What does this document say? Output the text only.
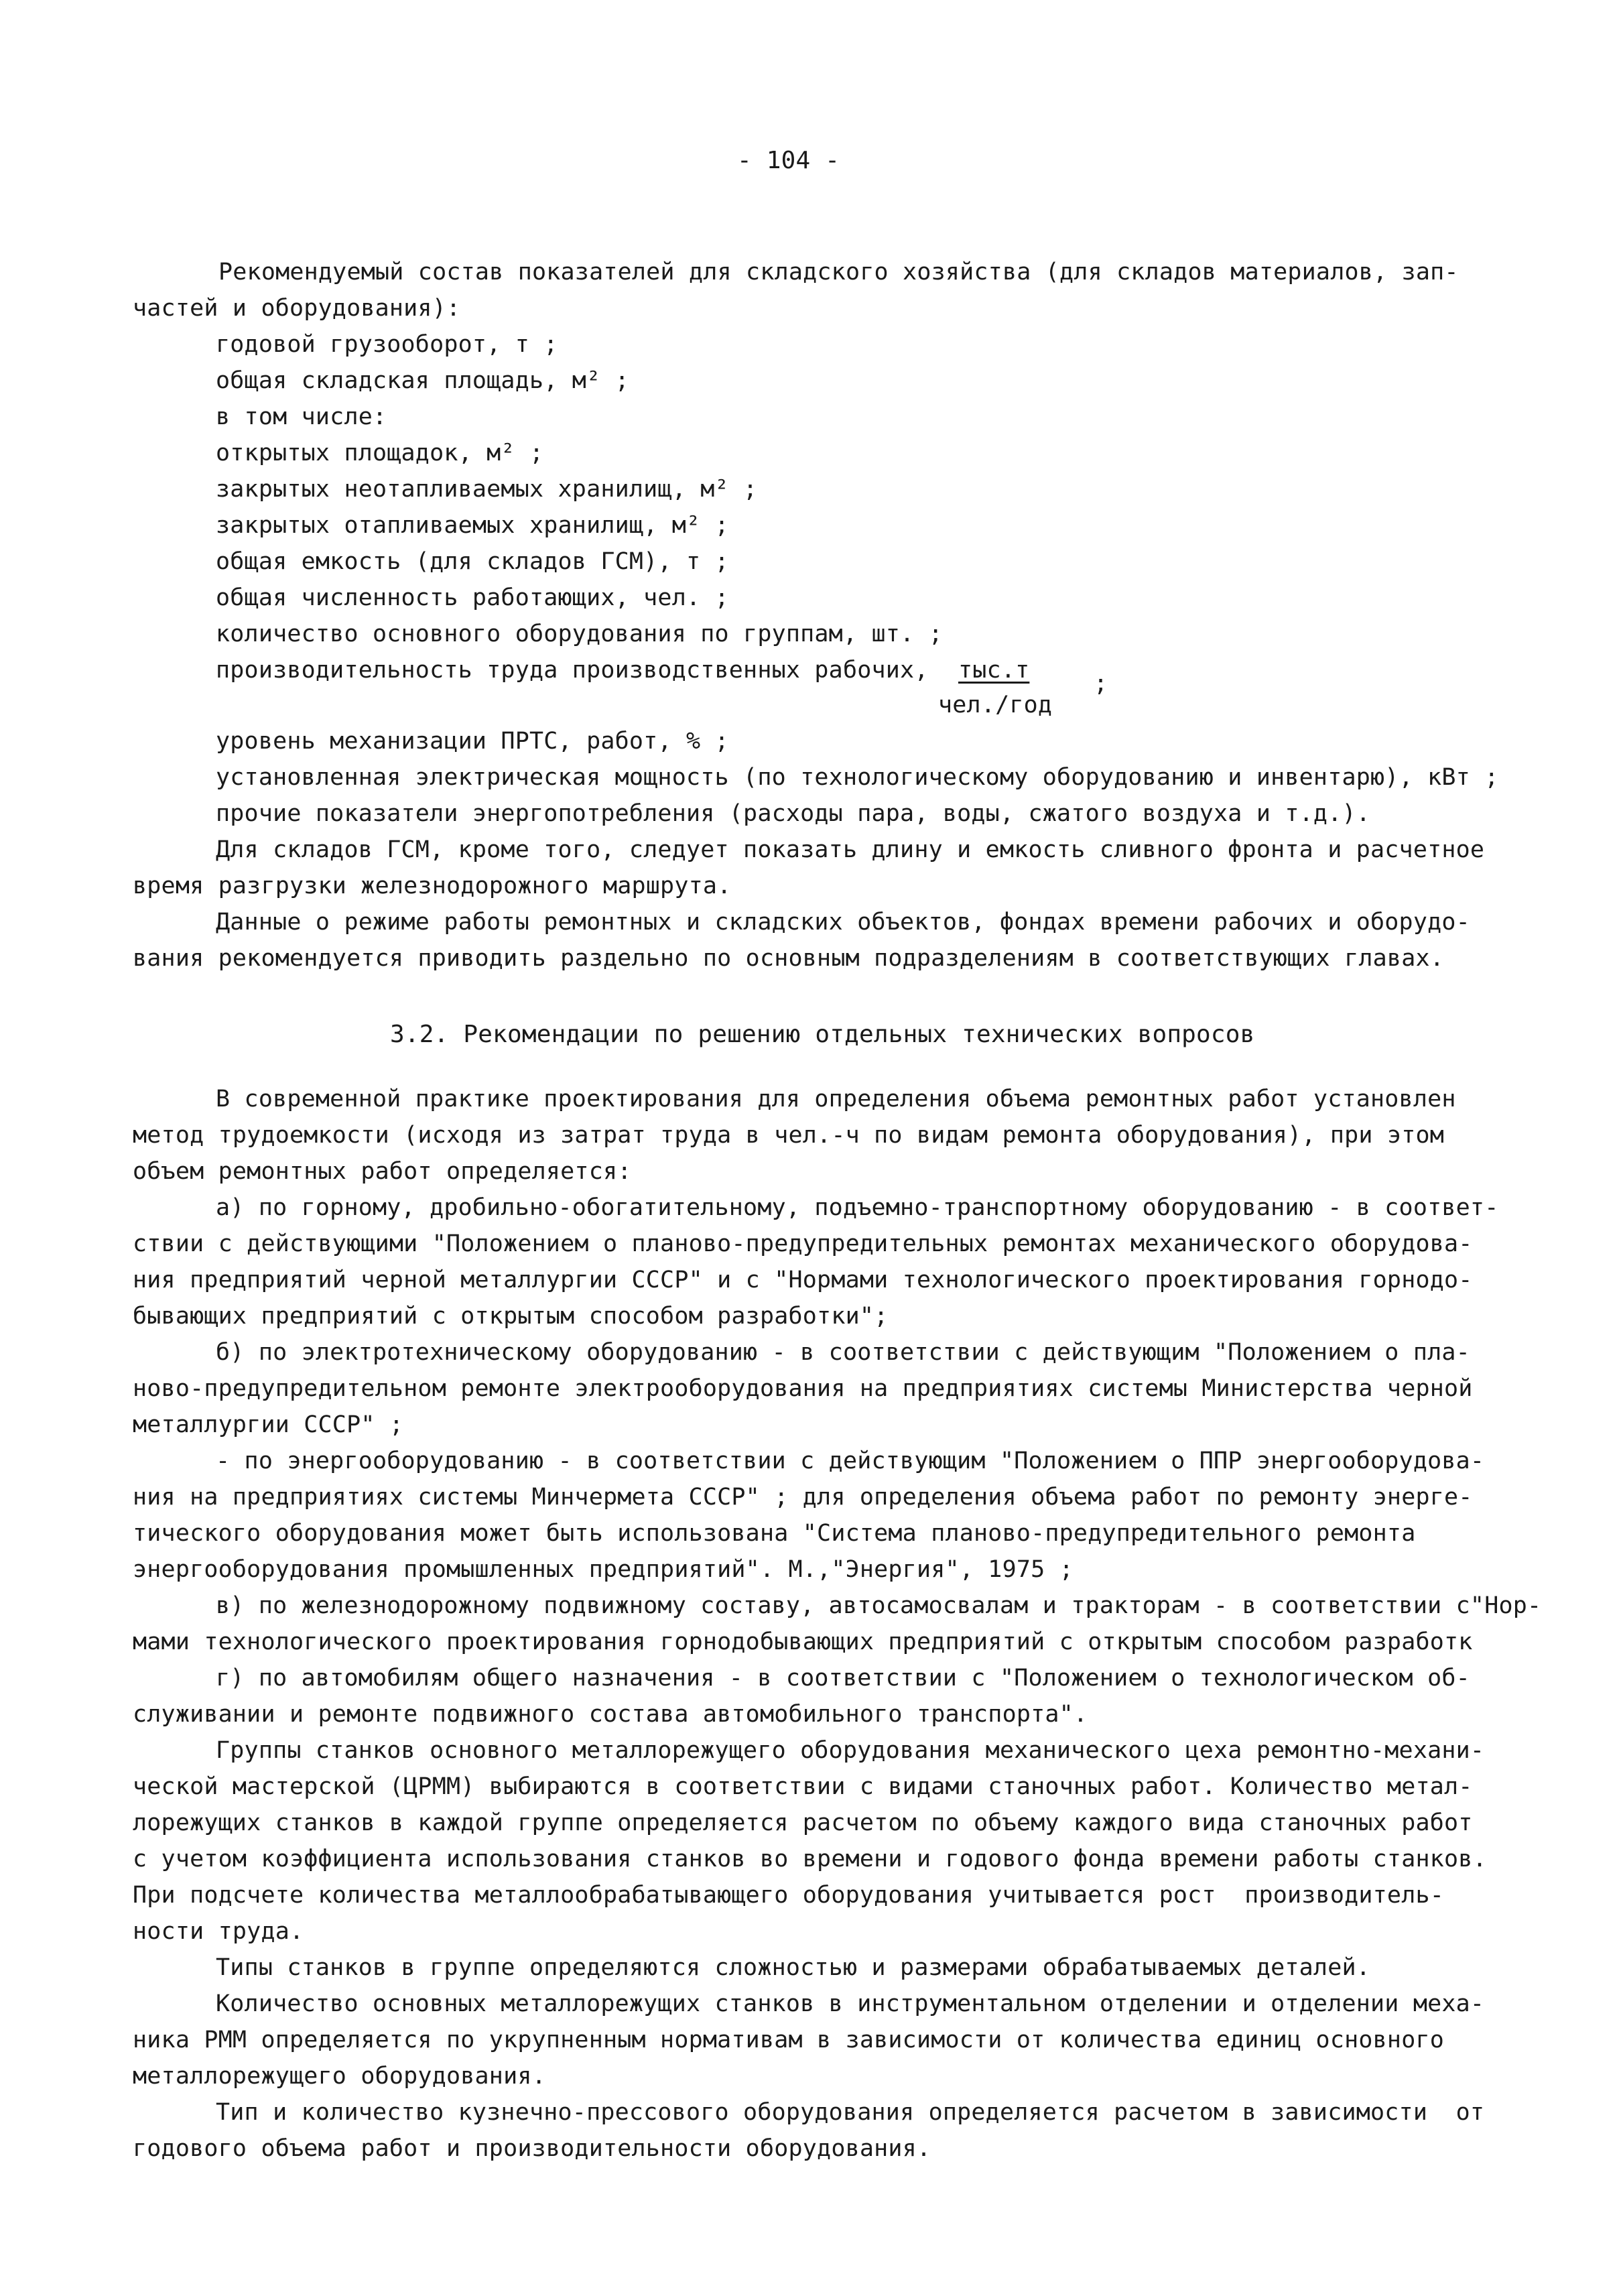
- 104 -
Рекомендуемый состав показателей для складского хозяйства (для складов материалов, зап-
частей и оборудования):
годовой грузооборот, т ;
общая складская площадь, м² ;
в том числе:
открытых площадок, м² ;
закрытых неотапливаемых хранилищ, м² ;
закрытых отапливаемых хранилищ, м² ;
общая емкость (для складов ГСМ), т ;
общая численность работающих, чел. ;
количество основного оборудования по группам, шт. ;
производительность труда производственных рабочих, тыс.т	;
чел./год
уровень механизации ПРТС, работ, % ;
установленная электрическая мощность (по технологическому оборудованию и инвентарю), кВт ;
прочие показатели энергопотребления (расходы пара, воды, сжатого воздуха и т.д.).
Для складов ГСМ, кроме того, следует показать длину и емкость сливного фронта и расчетное
время разгрузки железнодорожного маршрута.
Данные о режиме работы ремонтных и складских объектов, фондах времени рабочих и оборудо-
вания рекомендуется приводить раздельно по основным подразделениям в соответствующих главах.
3.2. Рекомендации по решению отдельных технических вопросов
В современной практике проектирования для определения объема ремонтных работ установлен
метод трудоемкости (исходя из затрат труда в чел.-ч по видам ремонта оборудования), при этом
объем ремонтных работ определяется:
а) по горному, дробильно-обогатительному, подъемно-транспортному оборудованию - в соответ-
ствии с действующими "Положением о планово-предупредительных ремонтах механического оборудова-
ния предприятий черной металлургии СССР" и с "Нормами технологического проектирования горнодо-
бывающих предприятий с открытым способом разработки";
б) по электротехническому оборудованию - в соответствии с действующим "Положением о пла-
ново-предупредительном ремонте электрооборудования на предприятиях системы Министерства черной
металлургии СССР" ;
- по энергооборудованию - в соответствии с действующим "Положением о ППР энергооборудова-
ния на предприятиях системы Минчермета СССР" ; для определения объема работ по ремонту энерге-
тического оборудования может быть использована "Система планово-предупредительного ремонта
энергооборудования промышленных предприятий". М.,"Энергия", 1975 ;
в) по железнодорожному подвижному составу, автосамосвалам и тракторам - в соответствии с"Нор-
мами технологического проектирования горнодобывающих предприятий с открытым способом разработк
г) по автомобилям общего назначения - в соответствии с "Положением о технологическом об-
служивании и ремонте подвижного состава автомобильного транспорта".
Группы станков основного металлорежущего оборудования механического цеха ремонтно-механи-
ческой мастерской (ЦРММ) выбираются в соответствии с видами станочных работ. Количество метал-
лорежущих станков в каждой группе определяется расчетом по объему каждого вида станочных работ
с учетом коэффициента использования станков во времени и годового фонда времени работы станков.
При подсчете количества металлообрабатывающего оборудования учитывается рост  производитель-
ности труда.
Типы станков в группе определяются сложностью и размерами обрабатываемых деталей.
Количество основных металлорежущих станков в инструментальном отделении и отделении меха-
ника РММ определяется по укрупненным нормативам в зависимости от количества единиц основного
металлорежущего оборудования.
Тип и количество кузнечно-прессового оборудования определяется расчетом в зависимости  от
годового объема работ и производительности оборудования.
